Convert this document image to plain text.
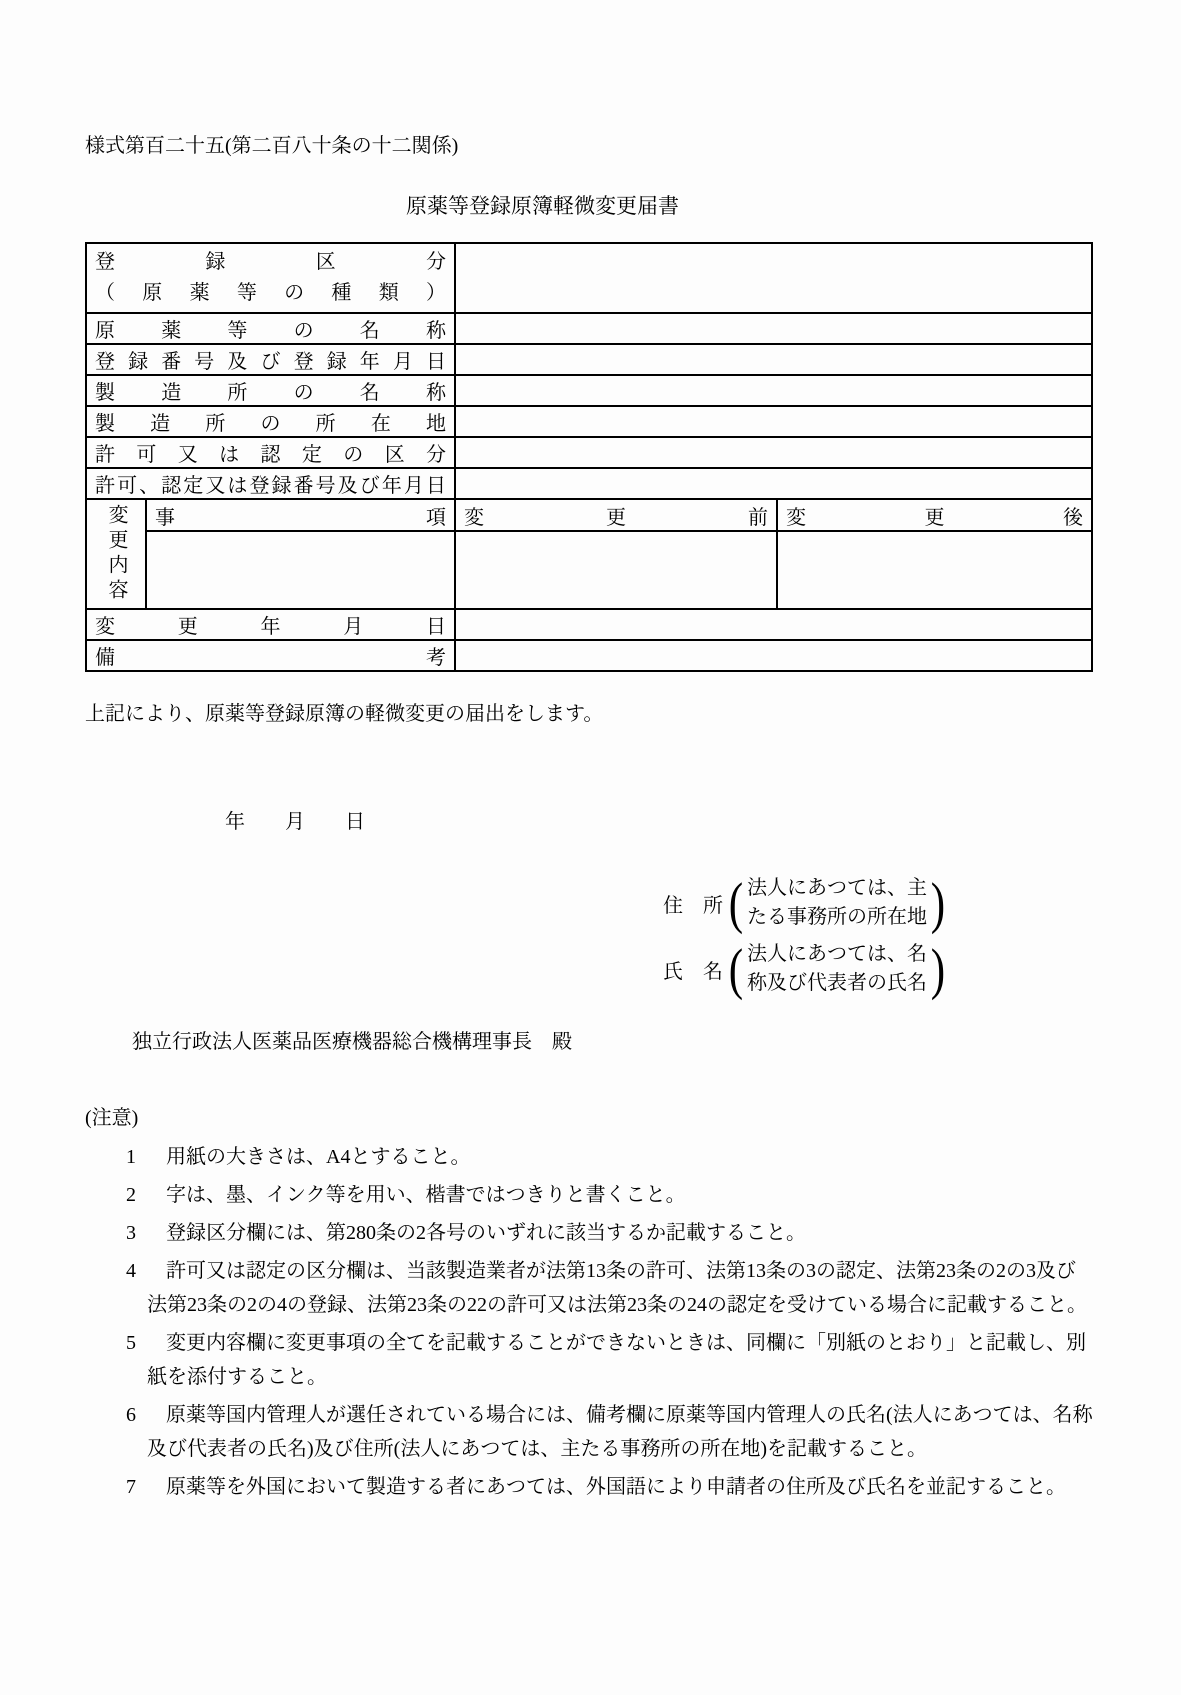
様式第百二十五(第二百八十条の十二関係)
原薬等登録原簿軽微変更届書
登録区分
（原薬等の種類）			

原薬等の名称			
登録番号及び登録年月日			
製造所の名称			
製造所の所在地			
許可又は認定の区分			
許可、認定又は登録番号及び年月日			

変更内容	事項	変更前	変更後

変更年月日			
備考			
上記により、原薬等登録原簿の軽微変更の届出をします。
年　　月　　日
住　所 ( 法人にあつては、主
たる事務所の所在地 )
氏　名 ( 法人にあつては、名
称及び代表者の氏名 )
独立行政法人医薬品医療機器総合機構理事長　殿
(注意)
1 用紙の大きさは、A4とすること。
2 字は、墨、インク等を用い、楷書ではつきりと書くこと。
3 登録区分欄には、第280条の2各号のいずれに該当するか記載すること。
4 許可又は認定の区分欄は、当該製造業者が法第13条の許可、法第13条の3の認定、法第23条の2の3及び法第23条の2の4の登録、法第23条の22の許可又は法第23条の24の認定を受けている場合に記載すること。
5 変更内容欄に変更事項の全てを記載することができないときは、同欄に「別紙のとおり」と記載し、別紙を添付すること。
6 原薬等国内管理人が選任されている場合には、備考欄に原薬等国内管理人の氏名(法人にあつては、名称及び代表者の氏名)及び住所(法人にあつては、主たる事務所の所在地)を記載すること。
7 原薬等を外国において製造する者にあつては、外国語により申請者の住所及び氏名を並記すること。
